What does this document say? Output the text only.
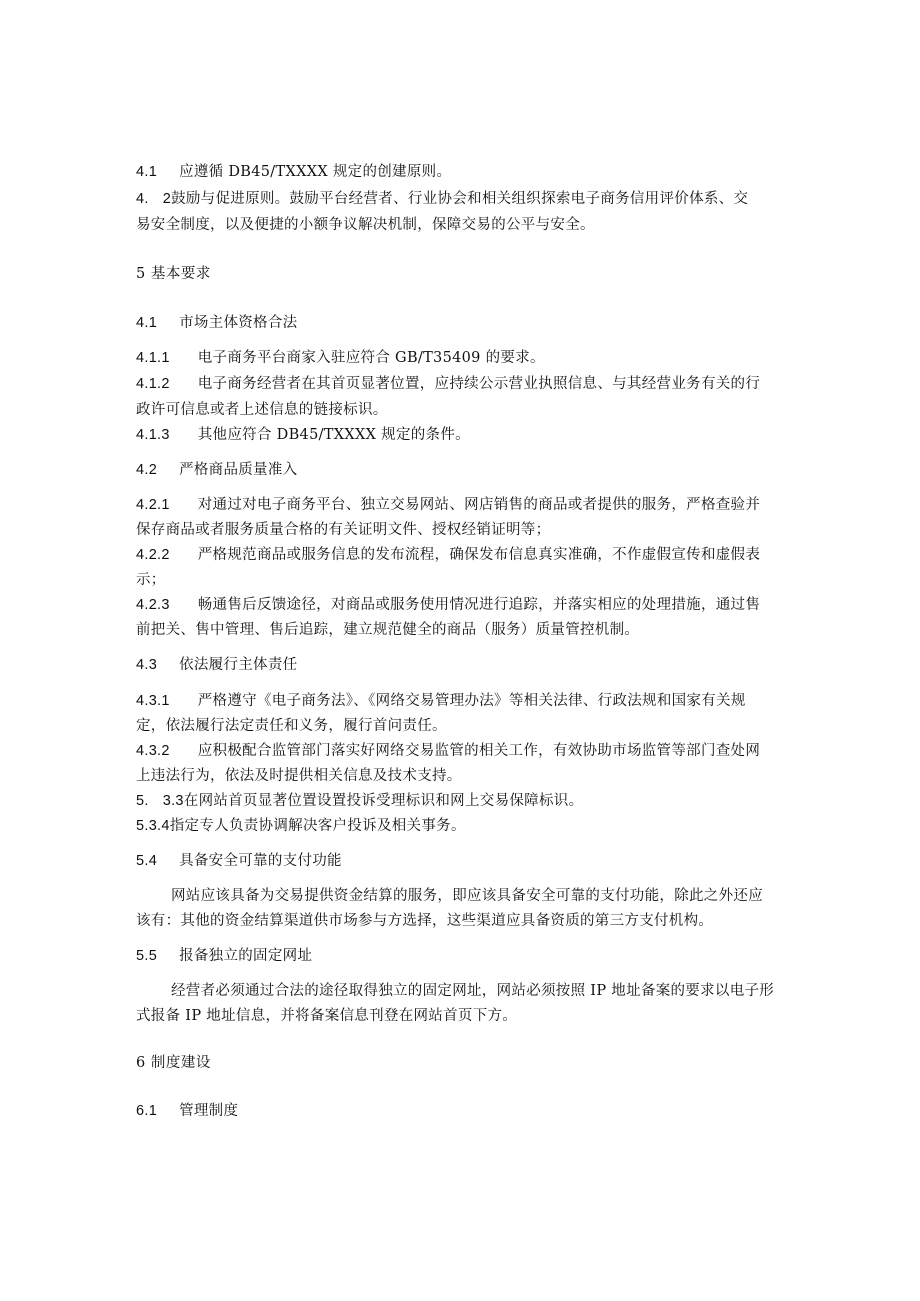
4.1 应遵循 DB45/TXXXX 规定的创建原则。
4. 2鼓励与促进原则。鼓励平台经营者、行业协会和相关组织探索电子商务信用评价体系、交
易安全制度，以及便捷的小额争议解决机制，保障交易的公平与安全。
5 基本要求
4.1 市场主体资格合法
4.1.1 电子商务平台商家入驻应符合 GB/T35409 的要求。
4.1.2 电子商务经营者在其首页显著位置，应持续公示营业执照信息、与其经营业务有关的行
政许可信息或者上述信息的链接标识。
4.1.3 其他应符合 DB45/TXXXX 规定的条件。
4.2 严格商品质量准入
4.2.1 对通过对电子商务平台、独立交易网站、网店销售的商品或者提供的服务，严格查验并
保存商品或者服务质量合格的有关证明文件、授权经销证明等；
4.2.2 严格规范商品或服务信息的发布流程，确保发布信息真实准确，不作虚假宣传和虚假表
示；
4.2.3 畅通售后反馈途径，对商品或服务使用情况进行追踪，并落实相应的处理措施，通过售
前把关、售中管理、售后追踪，建立规范健全的商品（服务）质量管控机制。
4.3 依法履行主体责任
4.3.1 严格遵守《电子商务法》、《网络交易管理办法》等相关法律、行政法规和国家有关规
定，依法履行法定责任和义务，履行首问责任。
4.3.2 应积极配合监管部门落实好网络交易监管的相关工作，有效协助市场监管等部门查处网
上违法行为，依法及时提供相关信息及技术支持。
5. 3.3在网站首页显著位置设置投诉受理标识和网上交易保障标识。
5.3.4指定专人负责协调解决客户投诉及相关事务。
5.4 具备安全可靠的支付功能
网站应该具备为交易提供资金结算的服务，即应该具备安全可靠的支付功能，除此之外还应
该有：其他的资金结算渠道供市场参与方选择，这些渠道应具备资质的第三方支付机构。
5.5 报备独立的固定网址
经营者必须通过合法的途径取得独立的固定网址，网站必须按照 IP 地址备案的要求以电子形
式报备 IP 地址信息，并将备案信息刊登在网站首页下方。
6 制度建设
6.1 管理制度
